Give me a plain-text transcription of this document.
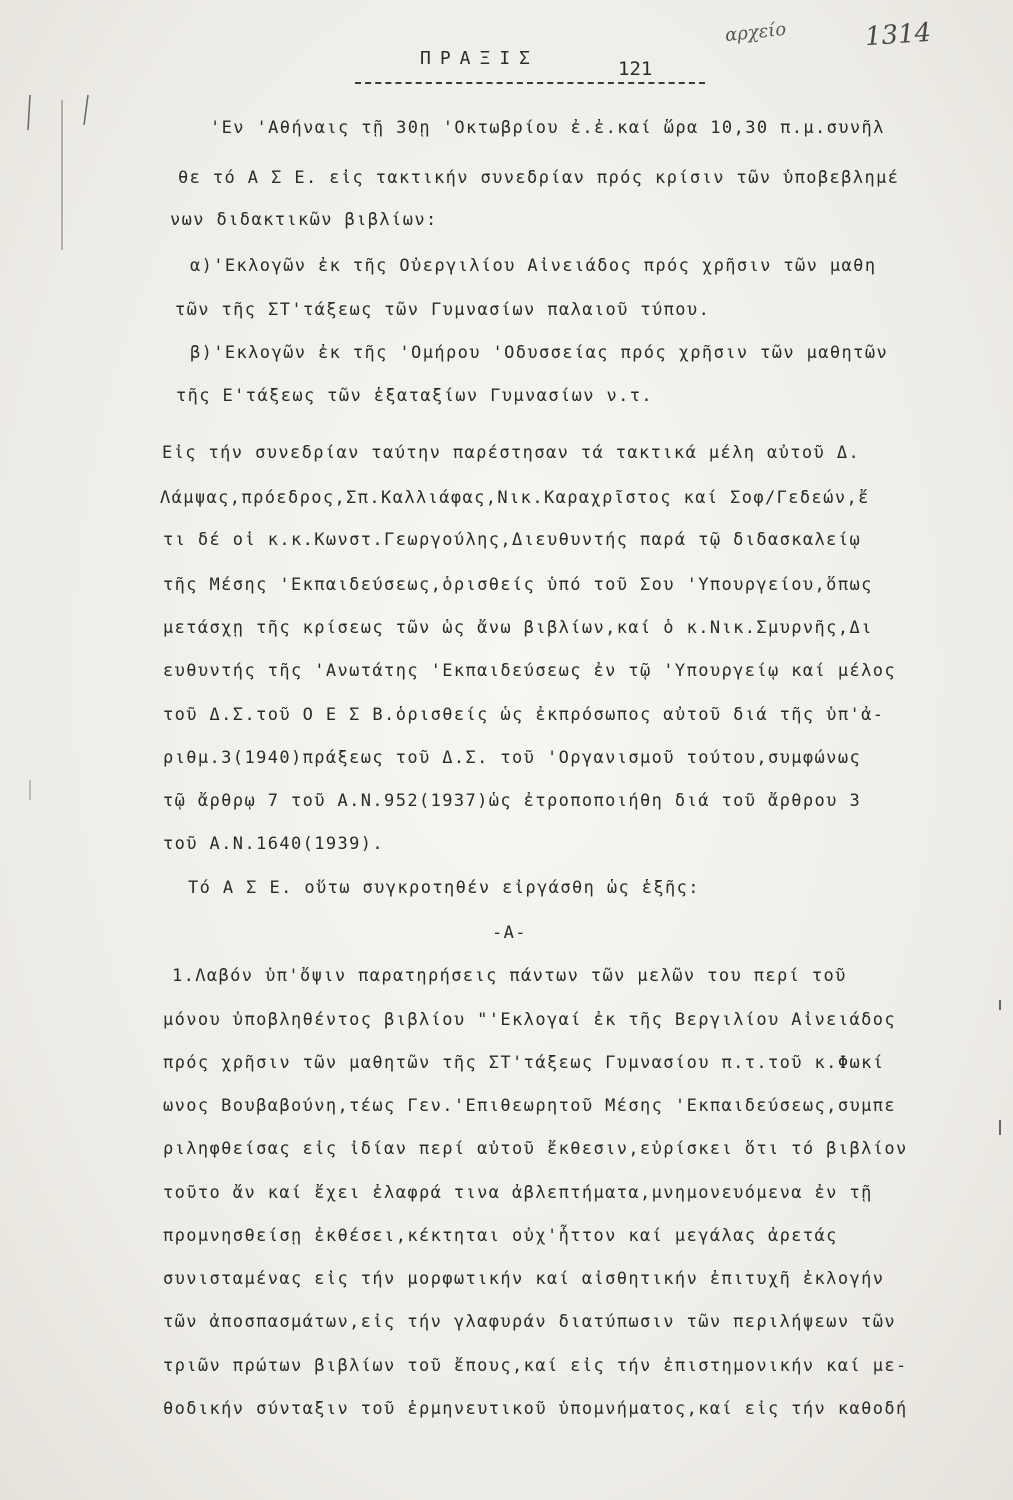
ΠΡΑΞΙΣ	121
αρχείο	1314
'Εν 'Αθήναις τῇ 30ῃ 'Οκτωβρίου ἐ.ἐ.καί ὥρα 10,30 π.μ.συνῆλ
θε τό Α Σ Ε. εἰς τακτικήν συνεδρίαν πρός κρίσιν τῶν ὑποβεβλημέ
νων διδακτικῶν βιβλίων:
α)'Εκλογῶν ἐκ τῆς Οὐεργιλίου Αἰνειάδος πρός χρῆσιν τῶν μαθη
τῶν τῆς ΣΤ'τάξεως τῶν Γυμνασίων παλαιοῦ τύπου.
β)'Εκλογῶν ἐκ τῆς 'Ομήρου 'Οδυσσείας πρός χρῆσιν τῶν μαθητῶν
τῆς Ε'τάξεως τῶν ἑξαταξίων Γυμνασίων ν.τ.
Εἰς τήν συνεδρίαν ταύτην παρέστησαν τά τακτικά μέλη αὐτοῦ Δ.
Λάμψας,πρόεδρος,Σπ.Καλλιάφας,Νικ.Καραχρῖστος καί Σοφ/Γεδεών,ἔ
τι δέ οἱ κ.κ.Κωνστ.Γεωργούλης,Διευθυντής παρά τῷ διδασκαλείῳ
τῆς Μέσης 'Εκπαιδεύσεως,ὁρισθείς ὑπό τοῦ Σου 'Υπουργείου,ὅπως
μετάσχῃ τῆς κρίσεως τῶν ὡς ἄνω βιβλίων,καί ὁ κ.Νικ.Σμυρνῆς,Δι
ευθυντής τῆς 'Ανωτάτης 'Εκπαιδεύσεως ἐν τῷ 'Υπουργείῳ καί μέλος
τοῦ Δ.Σ.τοῦ Ο Ε Σ Β.ὁρισθείς ὡς ἐκπρόσωπος αὐτοῦ διά τῆς ὑπ'ἀ-
ριθμ.3(1940)πράξεως τοῦ Δ.Σ. τοῦ 'Οργανισμοῦ τούτου,συμφώνως
τῷ ἄρθρῳ 7 τοῦ Α.Ν.952(1937)ὡς ἐτροποποιήθη διά τοῦ ἄρθρου 3
τοῦ Α.Ν.1640(1939).
Τό Α Σ Ε. οὕτω συγκροτηθέν εἰργάσθη ὡς ἑξῆς:
-Α-
1.Λαβόν ὑπ'ὄψιν παρατηρήσεις πάντων τῶν μελῶν του περί τοῦ
μόνου ὑποβληθέντος βιβλίου "'Εκλογαί ἐκ τῆς Βεργιλίου Αἰνειάδος
πρός χρῆσιν τῶν μαθητῶν τῆς ΣΤ'τάξεως Γυμνασίου π.τ.τοῦ κ.Φωκί
ωνος Βουβαβούνη,τέως Γεν.'Επιθεωρητοῦ Μέσης 'Εκπαιδεύσεως,συμπε
ριληφθείσας εἰς ἰδίαν περί αὐτοῦ ἔκθεσιν,εὑρίσκει ὅτι τό βιβλίον
τοῦτο ἄν καί ἔχει ἐλαφρά τινα ἀβλεπτήματα,μνημονευόμενα ἐν τῇ
προμνησθείσῃ ἐκθέσει,κέκτηται οὐχ'ἧττον καί μεγάλας ἀρετάς
συνισταμένας εἰς τήν μορφωτικήν καί αἰσθητικήν ἐπιτυχῆ ἐκλογήν
τῶν ἀποσπασμάτων,εἰς τήν γλαφυράν διατύπωσιν τῶν περιλήψεων τῶν
τριῶν πρώτων βιβλίων τοῦ ἔπους,καί εἰς τήν ἐπιστημονικήν καί με-
θοδικήν σύνταξιν τοῦ ἑρμηνευτικοῦ ὑπομνήματος,καί εἰς τήν καθοδή
